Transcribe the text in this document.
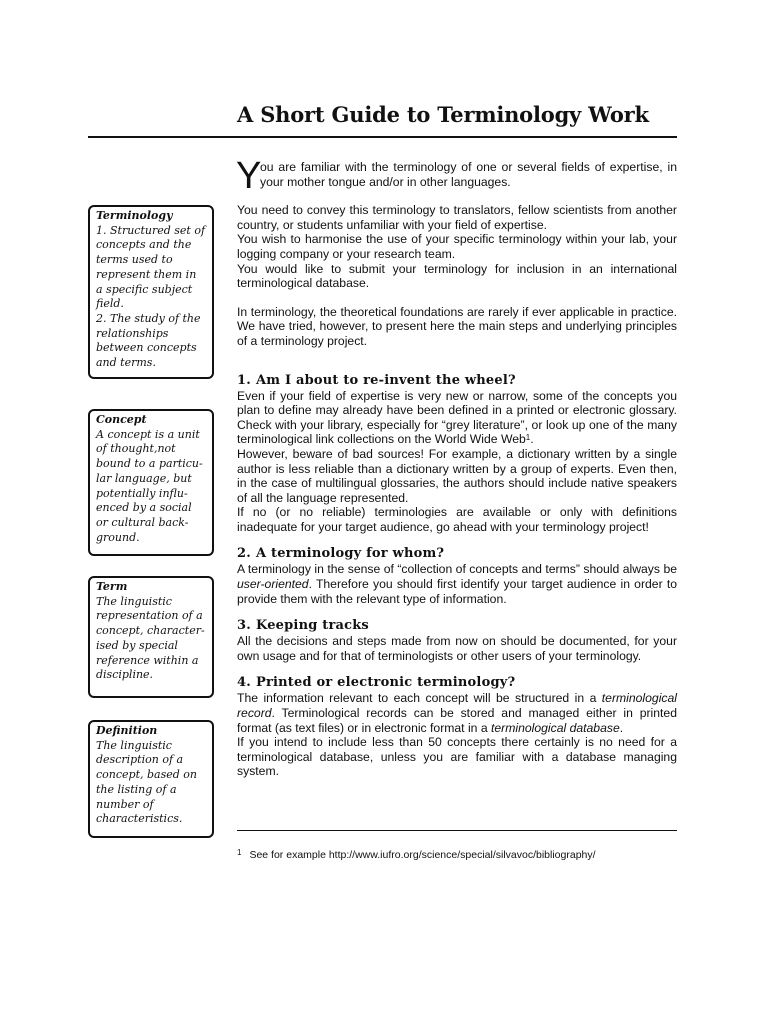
A Short Guide to Terminology Work
Terminology
1. Structured set of
concepts and the
terms used to
represent them in
a specific subject
field.
2. The study of the
relationships
between concepts
and terms.
Concept
A concept is a unit
of thought,not
bound to a particu-
lar language, but
potentially influ-
enced by a social
or cultural back-
ground.
Term
The linguistic
representation of a
concept, character-
ised by special
reference within a
discipline.
Definition
The linguistic
description of a
concept, based on
the listing of a
number of
characteristics.

Y
ou are familiar with the terminology of one or several fields of expertise, in your mother tongue and/or in other languages.

You need to convey this terminology to translators, fellow scientists from another country, or students unfamiliar with your field of expertise.

You wish to harmonise the use of your specific terminology within your lab, your logging company or your research team.

You would like to submit your terminology for inclusion in an international terminological database.

In terminology, the theoretical foundations are rarely if ever applicable in practice. We have tried, however, to present here the main steps and underlying principles of a terminology project.

1. Am I about to re-invent the wheel?

Even if your field of expertise is very new or narrow, some of the concepts you plan to define may already have been defined in a printed or electronic glossary. Check with your library, especially for “grey literature”, or look up one of the many terminological link collections on the World Wide Web$^1$.

However, beware of bad sources! For example, a dictionary written by a single author is less reliable than a dictionary written by a group of experts. Even then, in the case of multilingual glossaries, the authors should include native speakers of all the language represented.

If no (or no reliable) terminologies are available or only with definitions inadequate for your target audience, go ahead with your terminology project!

2. A terminology for whom?

A terminology in the sense of “collection of concepts and terms” should always be user-oriented. Therefore you should first identify your target audience in order to provide them with the relevant type of information.

3. Keeping tracks

All the decisions and steps made from now on should be documented, for your own usage and for that of terminologists or other users of your terminology.

4. Printed or electronic terminology?

The information relevant to each concept will be structured in a terminological record. Terminological records can be stored and managed either in printed format (as text files) or in electronic format in a terminological database.

If you intend to include less than 50 concepts there certainly is no need for a terminological database, unless you are familiar with a database managing system.

$^1$ See for example http://www.iufro.org/science/special/silvavoc/bibliography/
